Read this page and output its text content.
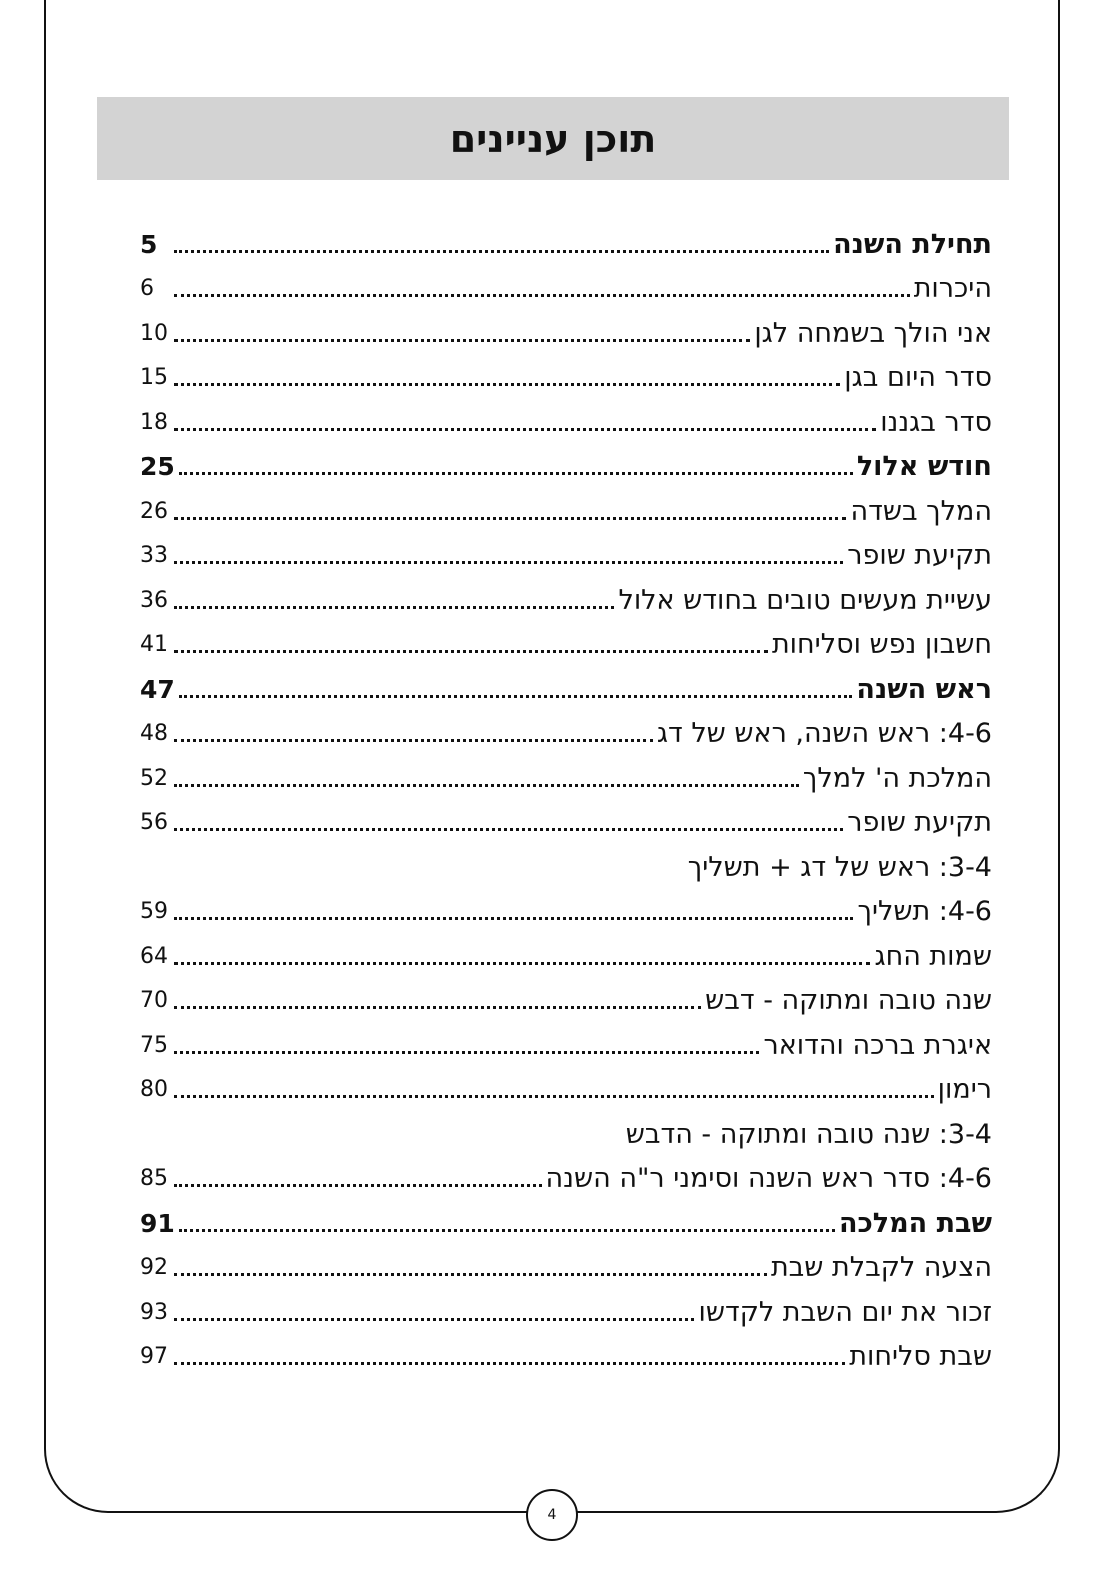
תוכן עניינים
תחילת השנה
5
היכרות
6
אני הולך בשמחה לגן
10
סדר היום בגן
15
סדר בגננו
18
חודש אלול
25
המלך בשדה
26
תקיעת שופר
33
עשיית מעשים טובים בחודש אלול
36
חשבון נפש וסליחות
41
ראש השנה
47
4-6: ראש השנה, ראש של דג
48
המלכת ה' למלך
52
תקיעת שופר
56
3-4: ראש של דג + תשליך
4-6: תשליך
59
שמות החג
64
שנה טובה ומתוקה - דבש
70
איגרת ברכה והדואר
75
רימון
80
3-4: שנה טובה ומתוקה - הדבש
4-6: סדר ראש השנה וסימני ר"ה השנה
85
שבת המלכה
91
הצעה לקבלת שבת
92
זכור את יום השבת לקדשו
93
שבת סליחות
97
4
